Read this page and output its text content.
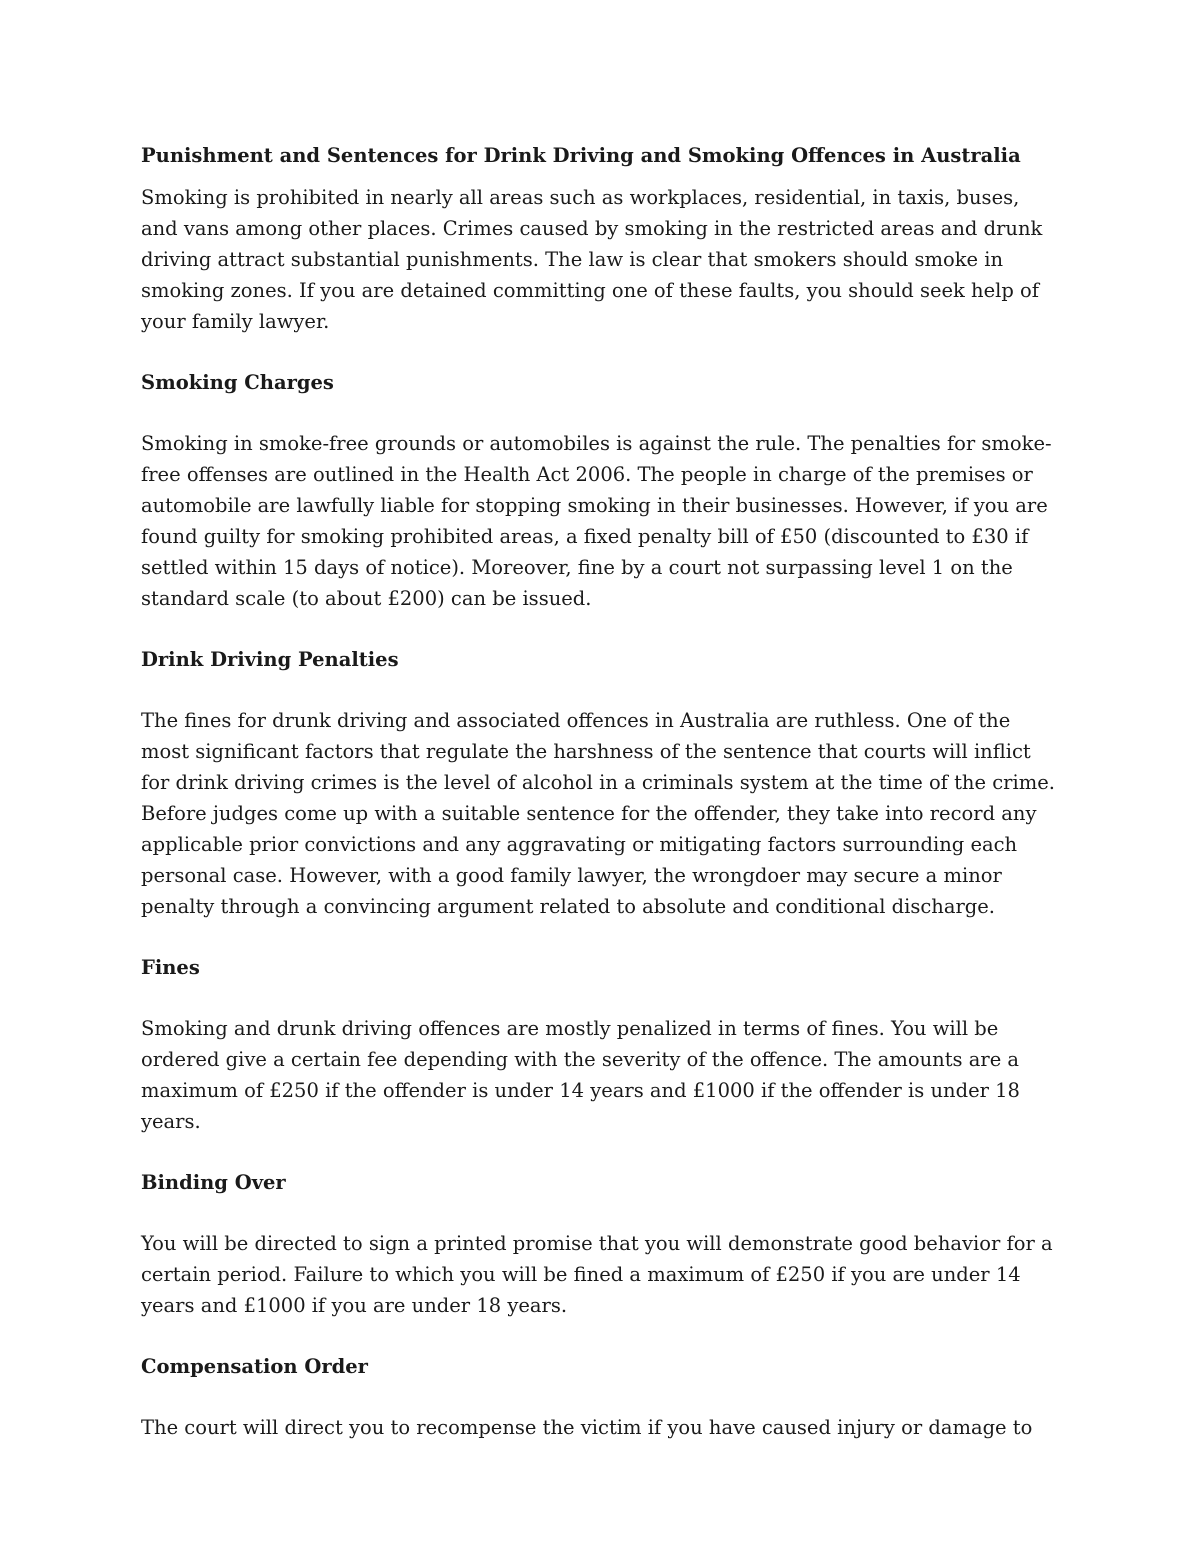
Punishment and Sentences for Drink Driving and Smoking Offences in Australia

Smoking is prohibited in nearly all areas such as workplaces, residential, in taxis, buses, and vans among other places. Crimes caused by smoking in the restricted areas and drunk driving attract substantial punishments. The law is clear that smokers should smoke in smoking zones. If you are detained committing one of these faults, you should seek help of your family lawyer.

Smoking Charges

Smoking in smoke-free grounds or automobiles is against the rule. The penalties for smoke-free offenses are outlined in the Health Act 2006. The people in charge of the premises or automobile are lawfully liable for stopping smoking in their businesses. However, if you are found guilty for smoking prohibited areas, a fixed penalty bill of £50 (discounted to £30 if settled within 15 days of notice). Moreover, fine by a court not surpassing level 1 on the standard scale (to about £200) can be issued.

Drink Driving Penalties

The fines for drunk driving and associated offences in Australia are ruthless. One of the most significant factors that regulate the harshness of the sentence that courts will inflict for drink driving crimes is the level of alcohol in a criminals system at the time of the crime. Before judges come up with a suitable sentence for the offender, they take into record any applicable prior convictions and any aggravating or mitigating factors surrounding each personal case. However, with a good family lawyer, the wrongdoer may secure a minor penalty through a convincing argument related to absolute and conditional discharge.

Fines

Smoking and drunk driving offences are mostly penalized in terms of fines. You will be ordered give a certain fee depending with the severity of the offence. The amounts are a maximum of £250 if the offender is under 14 years and £1000 if the offender is under 18 years.

Binding Over

You will be directed to sign a printed promise that you will demonstrate good behavior for a certain period. Failure to which you will be fined a maximum of £250 if you are under 14 years and £1000 if you are under 18 years.

Compensation Order

The court will direct you to recompense the victim if you have caused injury or damage to
